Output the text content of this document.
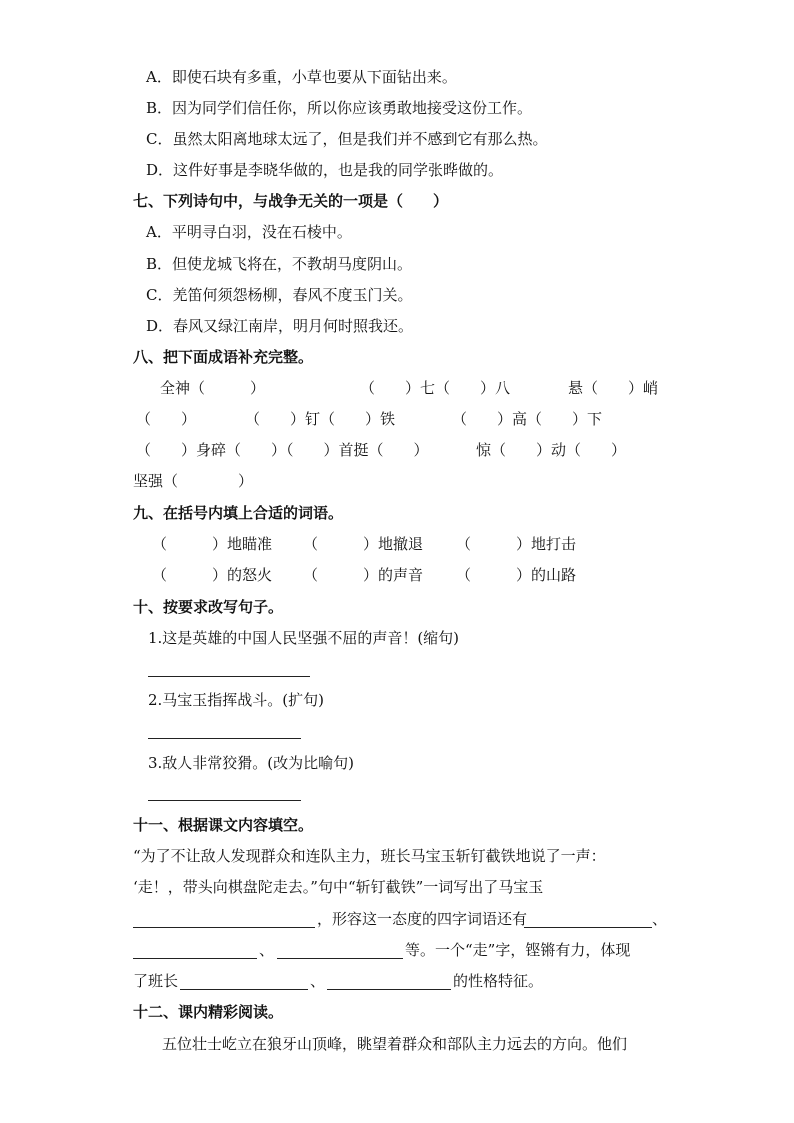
A．即使石块有多重，小草也要从下面钻出来。
B．因为同学们信任你，所以你应该勇敢地接受这份工作。
C．虽然太阳离地球太远了，但是我们并不感到它有那么热。
D．这件好事是李晓华做的，也是我的同学张晔做的。
七、下列诗句中，与战争无关的一项是（　　）
A．平明寻白羽，没在石棱中。
B．但使龙城飞将在，不教胡马度阴山。
C．羌笛何须怨杨柳，春风不度玉门关。
D．春风又绿江南岸，明月何时照我还。
八、把下面成语补充完整。
全神（　　　）	（　　）七（　　）八	悬（　　）峭
（　　）	（　　）钉（　　）铁	（　　）高（　　）下
（　　）身碎（　　）（　　）首挺（　　）	惊（　　）动（　　）
坚强（　　　　）
九、在括号内填上合适的词语。
（　　　）地瞄准 （　　　）地撤退 （　　　）地打击
（　　　）的怒火 （　　　）的声音 （　　　）的山路
十、按要求改写句子。
1.这是英雄的中国人民坚强不屈的声音！(缩句)
2.马宝玉指挥战斗。(扩句)
3.敌人非常狡猾。(改为比喻句)
十一、根据课文内容填空。
“为了不让敌人发现群众和连队主力，班长马宝玉斩钉截铁地说了一声：
‘走！，带头向棋盘陀走去。”句中“斩钉截铁”一词写出了马宝玉
，形容这一态度的四字词语还有	、
、	等。一个“走”字，铿锵有力，体现
了班长	、	的性格特征。
十二、课内精彩阅读。
五位壮士屹立在狼牙山顶峰，眺望着群众和部队主力远去的方向。他们
